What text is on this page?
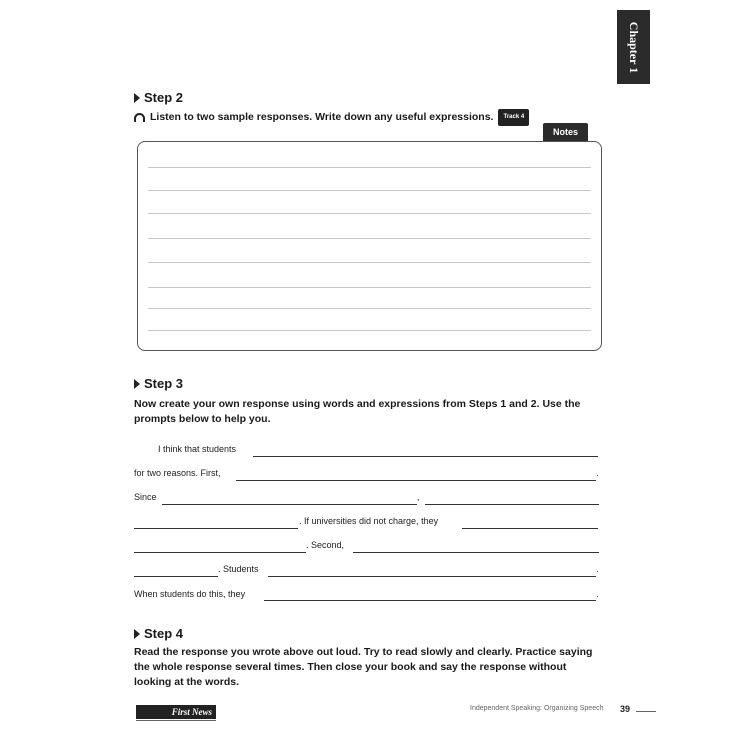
Chapter 1
Step 2
Listen to two sample responses. Write down any useful expressions.	Track 4
Notes
Step 3
Now create your own response using words and expressions from Steps 1 and 2. Use the prompts below to help you.
I think that students
for two reasons. First,	.
Since	,
. If universities did not charge, they
. Second,
. Students	.
When students do this, they	.
Step 4
Read the response you wrote above out loud. Try to read slowly and clearly. Practice saying the whole response several times. Then close your book and say the response without looking at the words.
First News	Independent Speaking: Organizing Speech 39
